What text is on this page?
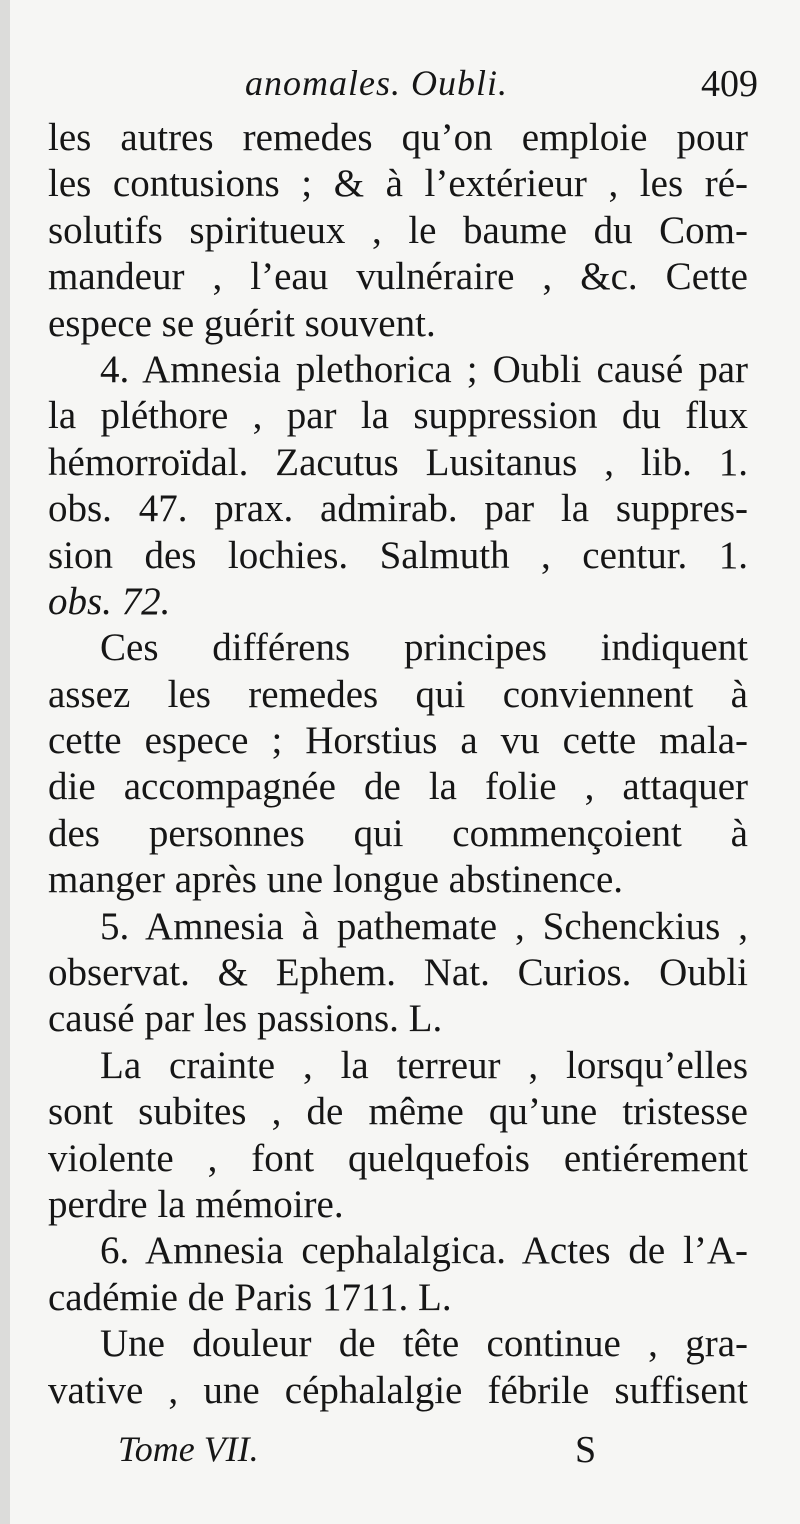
anomales. Oubli.	409
les autres remedes qu’on emploie pour
les contusions ; & à l’extérieur , les ré-
solutifs spiritueux , le baume du Com-
mandeur , l’eau vulnéraire , &c. Cette
espece se guérit souvent.
4. Amnesia plethorica ; Oubli causé par
la pléthore , par la suppression du flux
hémorroïdal. Zacutus Lusitanus , lib. 1.
obs. 47. prax. admirab. par la suppres-
sion des lochies. Salmuth , centur. 1.
obs. 72.
Ces différens principes indiquent
assez les remedes qui conviennent à
cette espece ; Horstius a vu cette mala-
die accompagnée de la folie , attaquer
des personnes qui commençoient à
manger après une longue abstinence.
5. Amnesia à pathemate , Schenckius ,
observat. & Ephem. Nat. Curios. Oubli
causé par les passions. L.
La crainte , la terreur , lorsqu’elles
sont subites , de même qu’une tristesse
violente , font quelquefois entiérement
perdre la mémoire.
6. Amnesia cephalalgica. Actes de l’A-
cadémie de Paris 1711. L.
Une douleur de tête continue , gra-
vative , une céphalalgie fébrile suffisent
Tome VII.	S
